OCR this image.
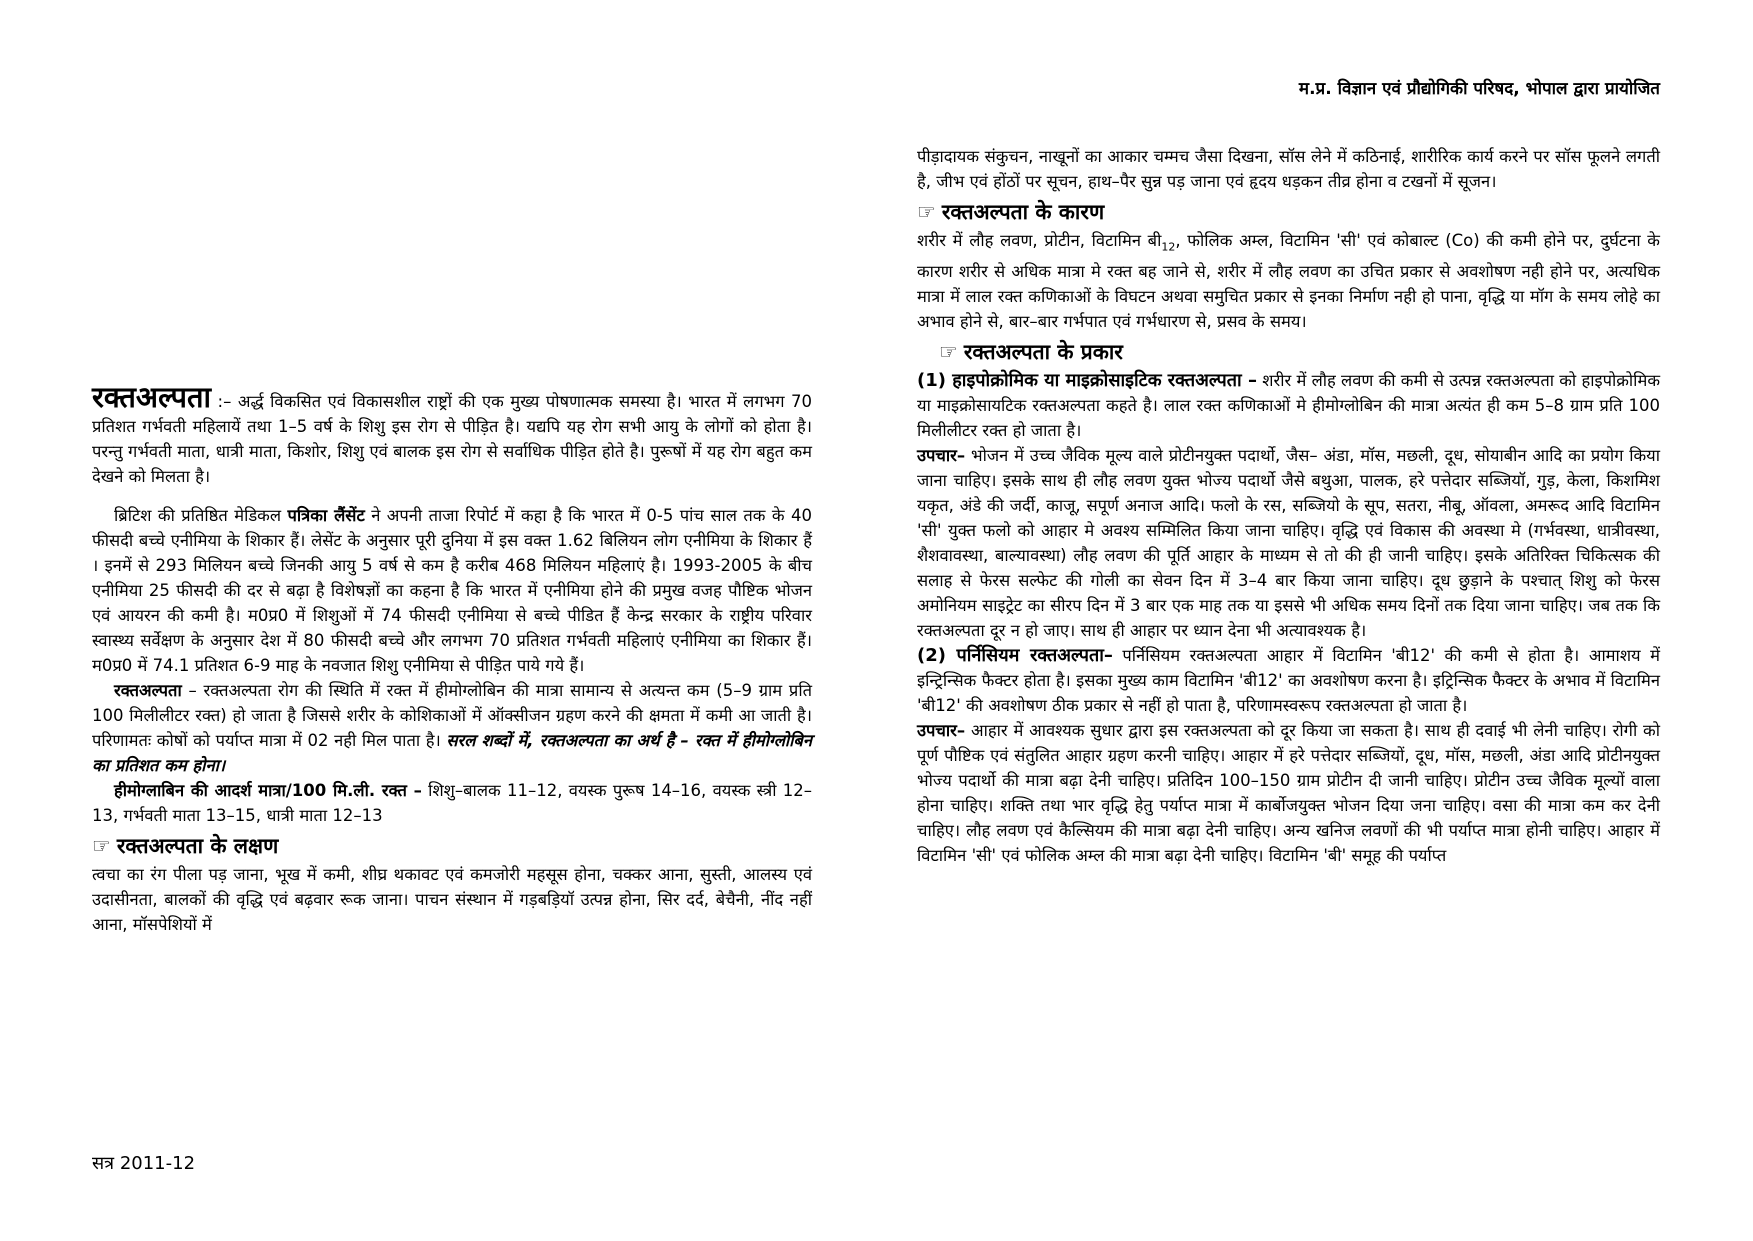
म.प्र. विज्ञान एवं प्रौद्योगिकी परिषद, भोपाल द्वारा प्रायोजित

रक्तअल्पता :– अर्द्ध विकसित एवं विकासशील राष्ट्रों की एक मुख्य पोषणात्मक समस्या है। भारत में लगभग 70 प्रतिशत गर्भवती महिलायें तथा 1–5 वर्ष के शिशु इस रोग से पीड़ित है। यद्यपि यह रोग सभी आयु के लोगों को होता है। परन्तु गर्भवती माता, धात्री माता, किशोर, शिशु एवं बालक इस रोग से सर्वाधिक पीड़ित होते है। पुरूषों में यह रोग बहुत कम देखने को मिलता है।

ब्रिटिश की प्रतिष्ठित मेडिकल पत्रिका लैंसेंट ने अपनी ताजा रिपोर्ट में कहा है कि भारत में 0-5 पांच साल तक के 40 फीसदी बच्चे एनीमिया के शिकार हैं। लेसेंट के अनुसार पूरी दुनिया में इस वक्त 1.62 बिलियन लोग एनीमिया के शिकार हैं । इनमें से 293 मिलियन बच्चे जिनकी आयु 5 वर्ष से कम है करीब 468 मिलियन महिलाएं है। 1993-2005 के बीच एनीमिया 25 फीसदी की दर से बढ़ा है विशेषज्ञों का कहना है कि भारत में एनीमिया होने की प्रमुख वजह पौष्टिक भोजन एवं आयरन की कमी है। म0प्र0 में शिशुओं में 74 फीसदी एनीमिया से बच्चे पीडित हैं केन्द्र सरकार के राष्ट्रीय परिवार स्वास्थ्य सर्वेक्षण के अनुसार देश में 80 फीसदी बच्चे और लगभग 70 प्रतिशत गर्भवती महिलाएं एनीमिया का शिकार हैं। म0प्र0 में 74.1 प्रतिशत 6-9 माह के नवजात शिशु एनीमिया से पीड़ित पाये गये हैं।

रक्तअल्पता – रक्तअल्पता रोग की स्थिति में रक्त में हीमोग्लोबिन की मात्रा सामान्य से अत्यन्त कम (5–9 ग्राम प्रति 100 मिलीलीटर रक्त) हो जाता है जिससे शरीर के कोशिकाओं में ऑक्सीजन ग्रहण करने की क्षमता में कमी आ जाती है। परिणामतः कोषों को पर्याप्त मात्रा में 02 नही मिल पाता है। सरल शब्दों में, रक्तअल्पता का अर्थ है – रक्त में हीमोग्लोबिन का प्रतिशत कम होना।

हीमोग्लाबिन की आदर्श मात्रा/100 मि.ली. रक्त – शिशु–बालक 11–12, वयस्क पुरूष 14–16, वयस्क स्त्री 12–13, गर्भवती माता 13–15, धात्री माता 12–13

☞ रक्तअल्पता के लक्षण

त्वचा का रंग पीला पड़ जाना, भूख में कमी, शीघ्र थकावट एवं कमजोरी महसूस होना, चक्कर आना, सुस्ती, आलस्य एवं उदासीनता, बालकों की वृद्धि एवं बढ़वार रूक जाना। पाचन संस्थान में गड़बड़ियॉ उत्पन्न होना, सिर दर्द, बेचैनी, नींद नहीं आना, मॉसपेशियों में

पीड़ादायक संकुचन, नाखूनों का आकार चम्मच जैसा दिखना, सॉस लेने में कठिनाई, शारीरिक कार्य करने पर सॉस फूलने लगती है, जीभ एवं होंठों पर सूचन, हाथ–पैर सुन्न पड़ जाना एवं हृदय धड़कन तीव्र होना व टखनों में सूजन।

☞ रक्तअल्पता के कारण

शरीर में लौह लवण, प्रोटीन, विटामिन $बी_{12}$, फोलिक अम्ल, विटामिन 'सी' एवं कोबाल्ट (Co) की कमी होने पर, दुर्घटना के कारण शरीर से अधिक मात्रा मे रक्त बह जाने से, शरीर में लौह लवण का उचित प्रकार से अवशोषण नही होने पर, अत्यधिक मात्रा में लाल रक्त कणिकाओं के विघटन अथवा समुचित प्रकार से इनका निर्माण नही हो पाना, वृद्धि या मॉग के समय लोहे का अभाव होने से, बार–बार गर्भपात एवं गर्भधारण से, प्रसव के समय।

☞ रक्तअल्पता के प्रकार

(1) हाइपोक्रोमिक या माइक्रोसाइटिक रक्तअल्पता – शरीर में लौह लवण की कमी से उत्पन्न रक्तअल्पता को हाइपोक्रोमिक या माइक्रोसायटिक रक्तअल्पता कहते है। लाल रक्त कणिकाओं मे हीमोग्लोबिन की मात्रा अत्यंत ही कम 5–8 ग्राम प्रति 100 मिलीलीटर रक्त हो जाता है।

उपचार– भोजन में उच्च जैविक मूल्य वाले प्रोटीनयुक्त पदार्थो, जैस– अंडा, मॉस, मछली, दूध, सोयाबीन आदि का प्रयोग किया जाना चाहिए। इसके साथ ही लौह लवण युक्त भोज्य पदार्थो जैसे बथुआ, पालक, हरे पत्तेदार सब्जियॉ, गुड़, केला, किशमिश यकृत, अंडे की जर्दी, काजू, सपूर्ण अनाज आदि। फलो के रस, सब्जियो के सूप, सतरा, नीबू, ऑवला, अमरूद आदि विटामिन 'सी' युक्त फलो को आहार मे अवश्य सम्मिलित किया जाना चाहिए। वृद्धि एवं विकास की अवस्था मे (गर्भवस्था, धात्रीवस्था, शैशवावस्था, बाल्यावस्था) लौह लवण की पूर्ति आहार के माध्यम से तो की ही जानी चाहिए। इसके अतिरिक्त चिकित्सक की सलाह से फेरस सल्फेट की गोली का सेवन दिन में 3–4 बार किया जाना चाहिए। दूध छुड़ाने के पश्चात् शिशु को फेरस अमोनियम साइट्रेट का सीरप दिन में 3 बार एक माह तक या इससे भी अधिक समय दिनों तक दिया जाना चाहिए। जब तक कि रक्तअल्पता दूर न हो जाए। साथ ही आहार पर ध्यान देना भी अत्यावश्यक है।

(2) पर्निसियम रक्तअल्पता– पर्निसियम रक्तअल्पता आहार में विटामिन 'बी12' की कमी से होता है। आमाशय में इन्ट्रिन्सिक फैक्टर होता है। इसका मुख्य काम विटामिन 'बी12' का अवशोषण करना है। इट्रिन्सिक फैक्टर के अभाव में विटामिन 'बी12' की अवशोषण ठीक प्रकार से नहीं हो पाता है, परिणामस्वरूप रक्तअल्पता हो जाता है।

उपचार– आहार में आवश्यक सुधार द्वारा इस रक्तअल्पता को दूर किया जा सकता है। साथ ही दवाई भी लेनी चाहिए। रोगी को पूर्ण पौष्टिक एवं संतुलित आहार ग्रहण करनी चाहिए। आहार में हरे पत्तेदार सब्जियों, दूध, मॉस, मछली, अंडा आदि प्रोटीनयुक्त भोज्य पदार्थो की मात्रा बढ़ा देनी चाहिए। प्रतिदिन 100–150 ग्राम प्रोटीन दी जानी चाहिए। प्रोटीन उच्च जैविक मूल्यों वाला होना चाहिए। शक्ति तथा भार वृद्धि हेतु पर्याप्त मात्रा में कार्बोजयुक्त भोजन दिया जना चाहिए। वसा की मात्रा कम कर देनी चाहिए। लौह लवण एवं कैल्सियम की मात्रा बढ़ा देनी चाहिए। अन्य खनिज लवणों की भी पर्याप्त मात्रा होनी चाहिए। आहार में विटामिन 'सी' एवं फोलिक अम्ल की मात्रा बढ़ा देनी चाहिए। विटामिन 'बी' समूह की पर्याप्त

सत्र 2011-12
